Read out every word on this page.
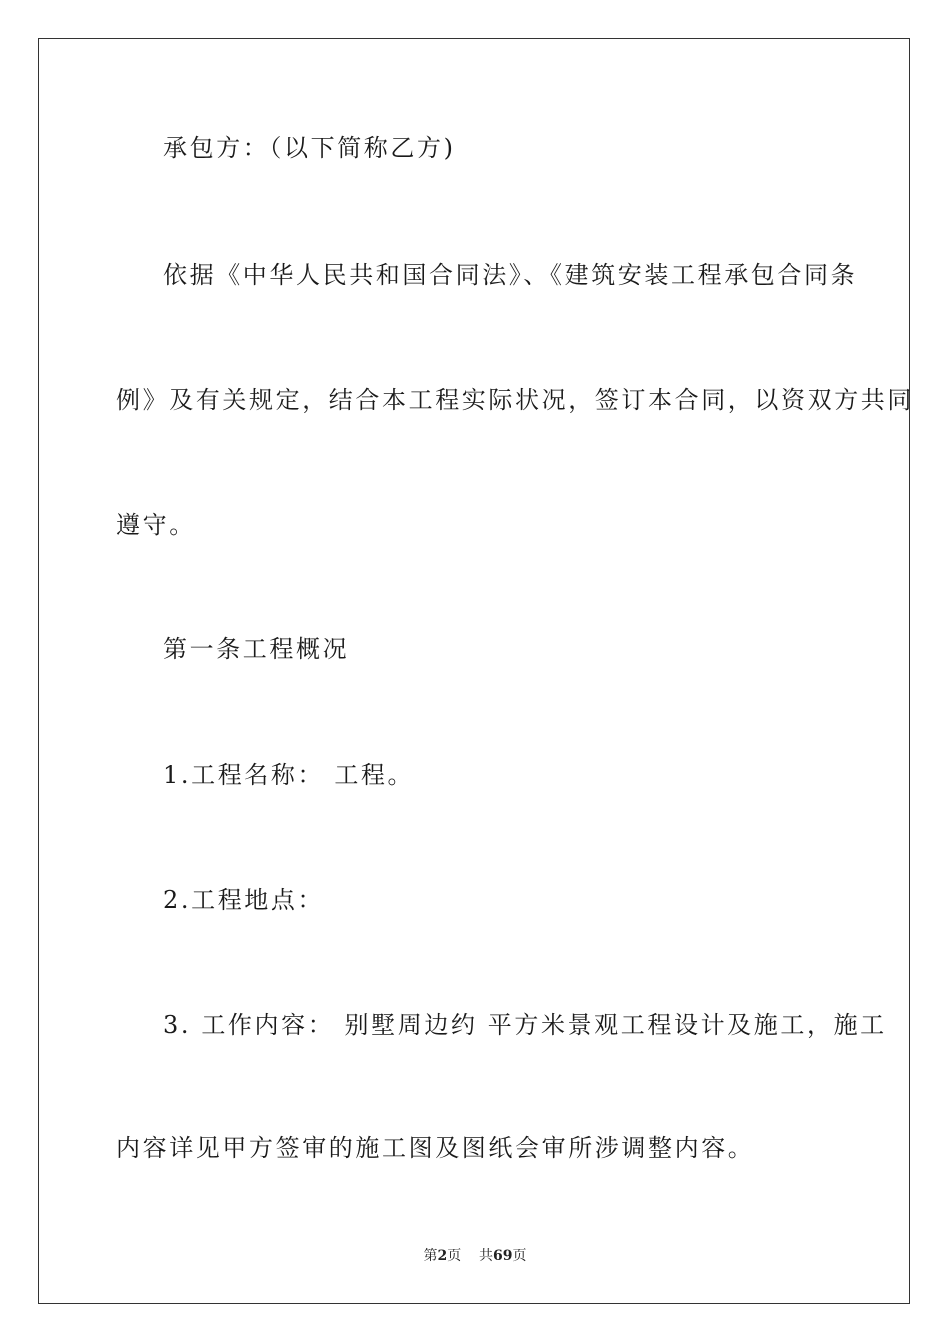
承包方：（以下简称乙方)
依据《中华人民共和国合同法》、《建筑安装工程承包合同条
例》及有关规定，结合本工程实际状况，签订本合同，以资双方共同
遵守。
第一条工程概况
1.工程名称： 工程。
2.工程地点：
3. 工作内容： 别墅周边约 平方米景观工程设计及施工，施工
内容详见甲方签审的施工图及图纸会审所涉调整内容。
第2页 共69页
